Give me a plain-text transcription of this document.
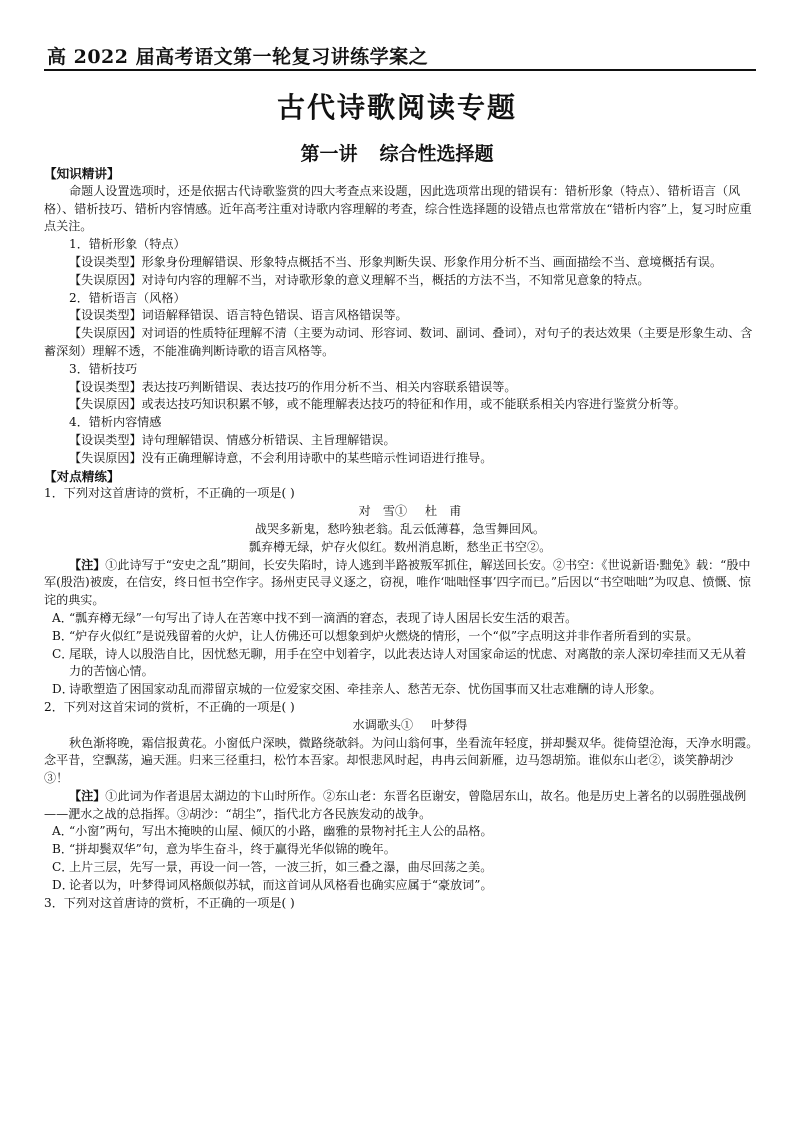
高 2022 届高考语文第一轮复习讲练学案之
古代诗歌阅读专题
第一讲 综合性选择题

【知识精讲】

命题人设置选项时，还是依据古代诗歌鉴赏的四大考查点来设题，因此选项常出现的错误有：错析形象（特点）、错析语言（风格）、错析技巧、错析内容情感。近年高考注重对诗歌内容理解的考查，综合性选择题的设错点也常常放在“错析内容”上，复习时应重点关注。

1．错析形象（特点）

【设误类型】形象身份理解错误、形象特点概括不当、形象判断失误、形象作用分析不当、画面描绘不当、意境概括有误。

【失误原因】对诗句内容的理解不当，对诗歌形象的意义理解不当，概括的方法不当，不知常见意象的特点。

2．错析语言（风格）

【设误类型】词语解释错误、语言特色错误、语言风格错误等。

【失误原因】对词语的性质特征理解不清（主要为动词、形容词、数词、副词、叠词），对句子的表达效果（主要是形象生动、含蓄深刻）理解不透，不能准确判断诗歌的语言风格等。

3．错析技巧

【设误类型】表达技巧判断错误、表达技巧的作用分析不当、相关内容联系错误等。

【失误原因】或表达技巧知识积累不够，或不能理解表达技巧的特征和作用，或不能联系相关内容进行鉴赏分析等。

4．错析内容情感

【设误类型】诗句理解错误、情感分析错误、主旨理解错误。

【失误原因】没有正确理解诗意，不会利用诗歌中的某些暗示性词语进行推导。

【对点精练】

1．下列对这首唐诗的赏析，不正确的一项是( )

对　雪① 杜　甫

战哭多新鬼，愁吟独老翁。乱云低薄暮，急雪舞回风。

瓢弃樽无绿，炉存火似红。数州消息断，愁坐正书空②。

【注】①此诗写于“安史之乱”期间，长安失陷时，诗人逃到半路被叛军抓住，解送回长安。②书空：《世说新语·黜免》载：“殷中军(殷浩)被废，在信安，终日恒书空作字。扬州吏民寻义逐之，窃视，唯作‘咄咄怪事’四字而已。”后因以“书空咄咄”为叹息、愤慨、惊诧的典实。

A．“瓢弃樽无绿”一句写出了诗人在苦寒中找不到一滴酒的窘态，表现了诗人困居长安生活的艰苦。

B．“炉存火似红”是说残留着的火炉，让人仿佛还可以想象到炉火燃烧的情形，一个“似”字点明这并非作者所看到的实景。

C．尾联，诗人以殷浩自比，因忧愁无聊，用手在空中划着字，以此表达诗人对国家命运的忧虑、对离散的亲人深切牵挂而又无从着力的苦恼心情。

D．诗歌塑造了困国家动乱而滞留京城的一位爱家交困、牵挂亲人、愁苦无奈、忧伤国事而又壮志难酬的诗人形象。

2．下列对这首宋词的赏析，不正确的一项是( )

水调歌头① 叶梦得

秋色渐将晚，霜信报黄花。小窗低户深映，微路绕欹斜。为问山翁何事，坐看流年轻度，拼却鬓双华。徙倚望沧海，天净水明霞。　　念平昔，空飘荡，遍天涯。归来三径重扫，松竹本吾家。却恨悲风时起，冉冉云间新雁，边马怨胡笳。谁似东山老②，谈笑静胡沙③！

【注】①此词为作者退居太湖边的卞山时所作。②东山老：东晋名臣谢安，曾隐居东山，故名。他是历史上著名的以弱胜强战例——淝水之战的总指挥。③胡沙：“胡尘”，指代北方各民族发动的战争。

A．“小窗”两句，写出木掩映的山屋、倾仄的小路，幽雅的景物衬托主人公的品格。

B．“拼却鬓双华”句，意为毕生奋斗，终于赢得光华似锦的晚年。

C．上片三层，先写一景，再设一问一答，一波三折，如三叠之瀑，曲尽回荡之美。

D．论者以为，叶梦得词风格颇似苏轼，而这首词从风格看也确实应属于“豪放词”。

3．下列对这首唐诗的赏析，不正确的一项是( )
